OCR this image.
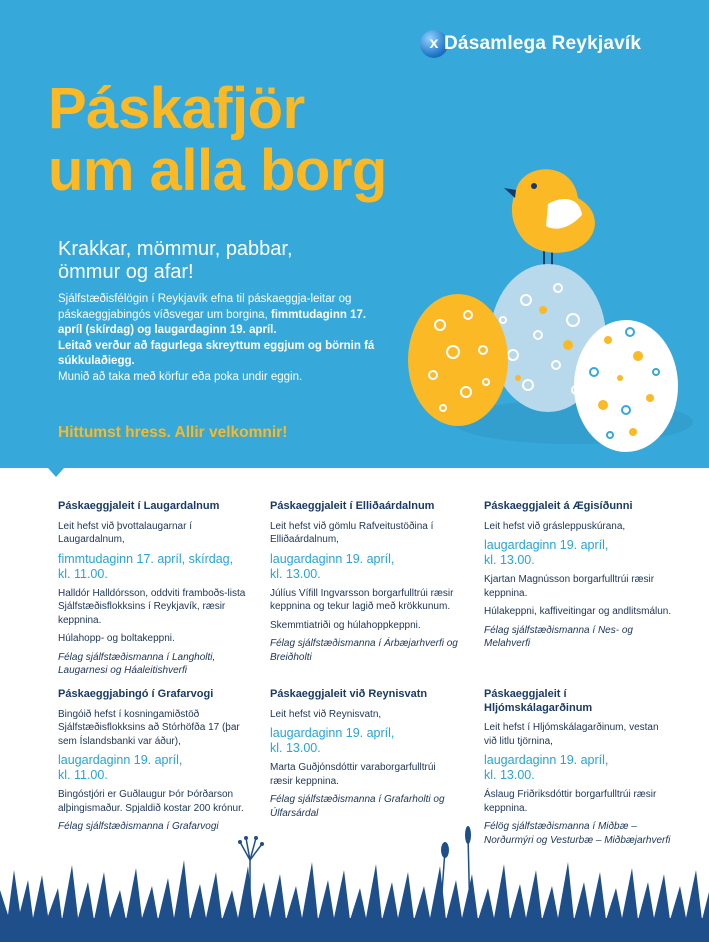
x Dásamlega Reykjavík
Páskafjör
um alla borg
Krakkar, mömmur, pabbar,
ömmur og afar!

Sjálfstæðisfélögin í Reykjavík efna til páskaeggja-leitar og páskaeggjabingós víðsvegar um borgina, fimmtudaginn 17. apríl (skírdag) og laugardaginn 19. apríl.

Leitað verður að fagurlega skreyttum eggjum og börnin fá súkkulaðiegg.

Munið að taka með körfur eða poka undir eggin.

Hittumst hress. Allir velkomnir!
Páskaeggjaleit í Laugardalnum

Leit hefst við þvottalaugarnar í Laugardalnum,

fimmtudaginn 17. apríl, skírdag,
kl. 11.00.

Halldór Halldórsson, oddviti framboðs-lista Sjálfstæðisflokksins í Reykjavík, ræsir keppnina.

Húlahopp- og boltakeppni.

Félag sjálfstæðismanna í Langholti, Laugarnesi og Háaleitishverfi

Páskaeggjaleit í Elliðaárdalnum

Leit hefst við gömlu Rafveitustöðina í Elliðaárdalnum,

laugardaginn 19. apríl,
kl. 13.00.

Júlíus Vífill Ingvarsson borgarfulltrúi ræsir keppnina og tekur lagið með krökkunum.

Skemmtiatriði og húlahoppkeppni.

Félag sjálfstæðismanna í Árbæjarhverfi og Breiðholti

Páskaeggjaleit á Ægisíðunni

Leit hefst við grásleppuskúrana,

laugardaginn 19. apríl,
kl. 13.00.

Kjartan Magnússon borgarfulltrúi ræsir keppnina.

Húlakeppni, kaffiveitingar og andlitsmálun.

Félag sjálfstæðismanna í Nes- og Melahverfi

Páskaeggjabingó í Grafarvogi

Bingóið hefst í kosningamiðstöð Sjálfstæðisflokksins að Stórhöfða 17 (þar sem Íslandsbanki var áður),

laugardaginn 19. apríl,
kl. 11.00.

Bingóstjóri er Guðlaugur Þór Þórðarson alþingismaður. Spjaldið kostar 200 krónur.

Félag sjálfstæðismanna í Grafarvogi

Páskaeggjaleit við Reynisvatn

Leit hefst við Reynisvatn,

laugardaginn 19. apríl,
kl. 13.00.

Marta Guðjónsdóttir varaborgarfulltrúi ræsir keppnina.

Félag sjálfstæðismanna í Grafarholti og Úlfarsárdal

Páskaeggjaleit í Hljómskálagarðinum

Leit hefst í Hljómskálagarðinum, vestan við litlu tjörnina,

laugardaginn 19. apríl,
kl. 13.00.

Áslaug Friðriksdóttir borgarfulltrúi ræsir keppnina.

Félög sjálfstæðismanna í Miðbæ – Norðurmýri og Vesturbæ – Miðbæjarhverfi
